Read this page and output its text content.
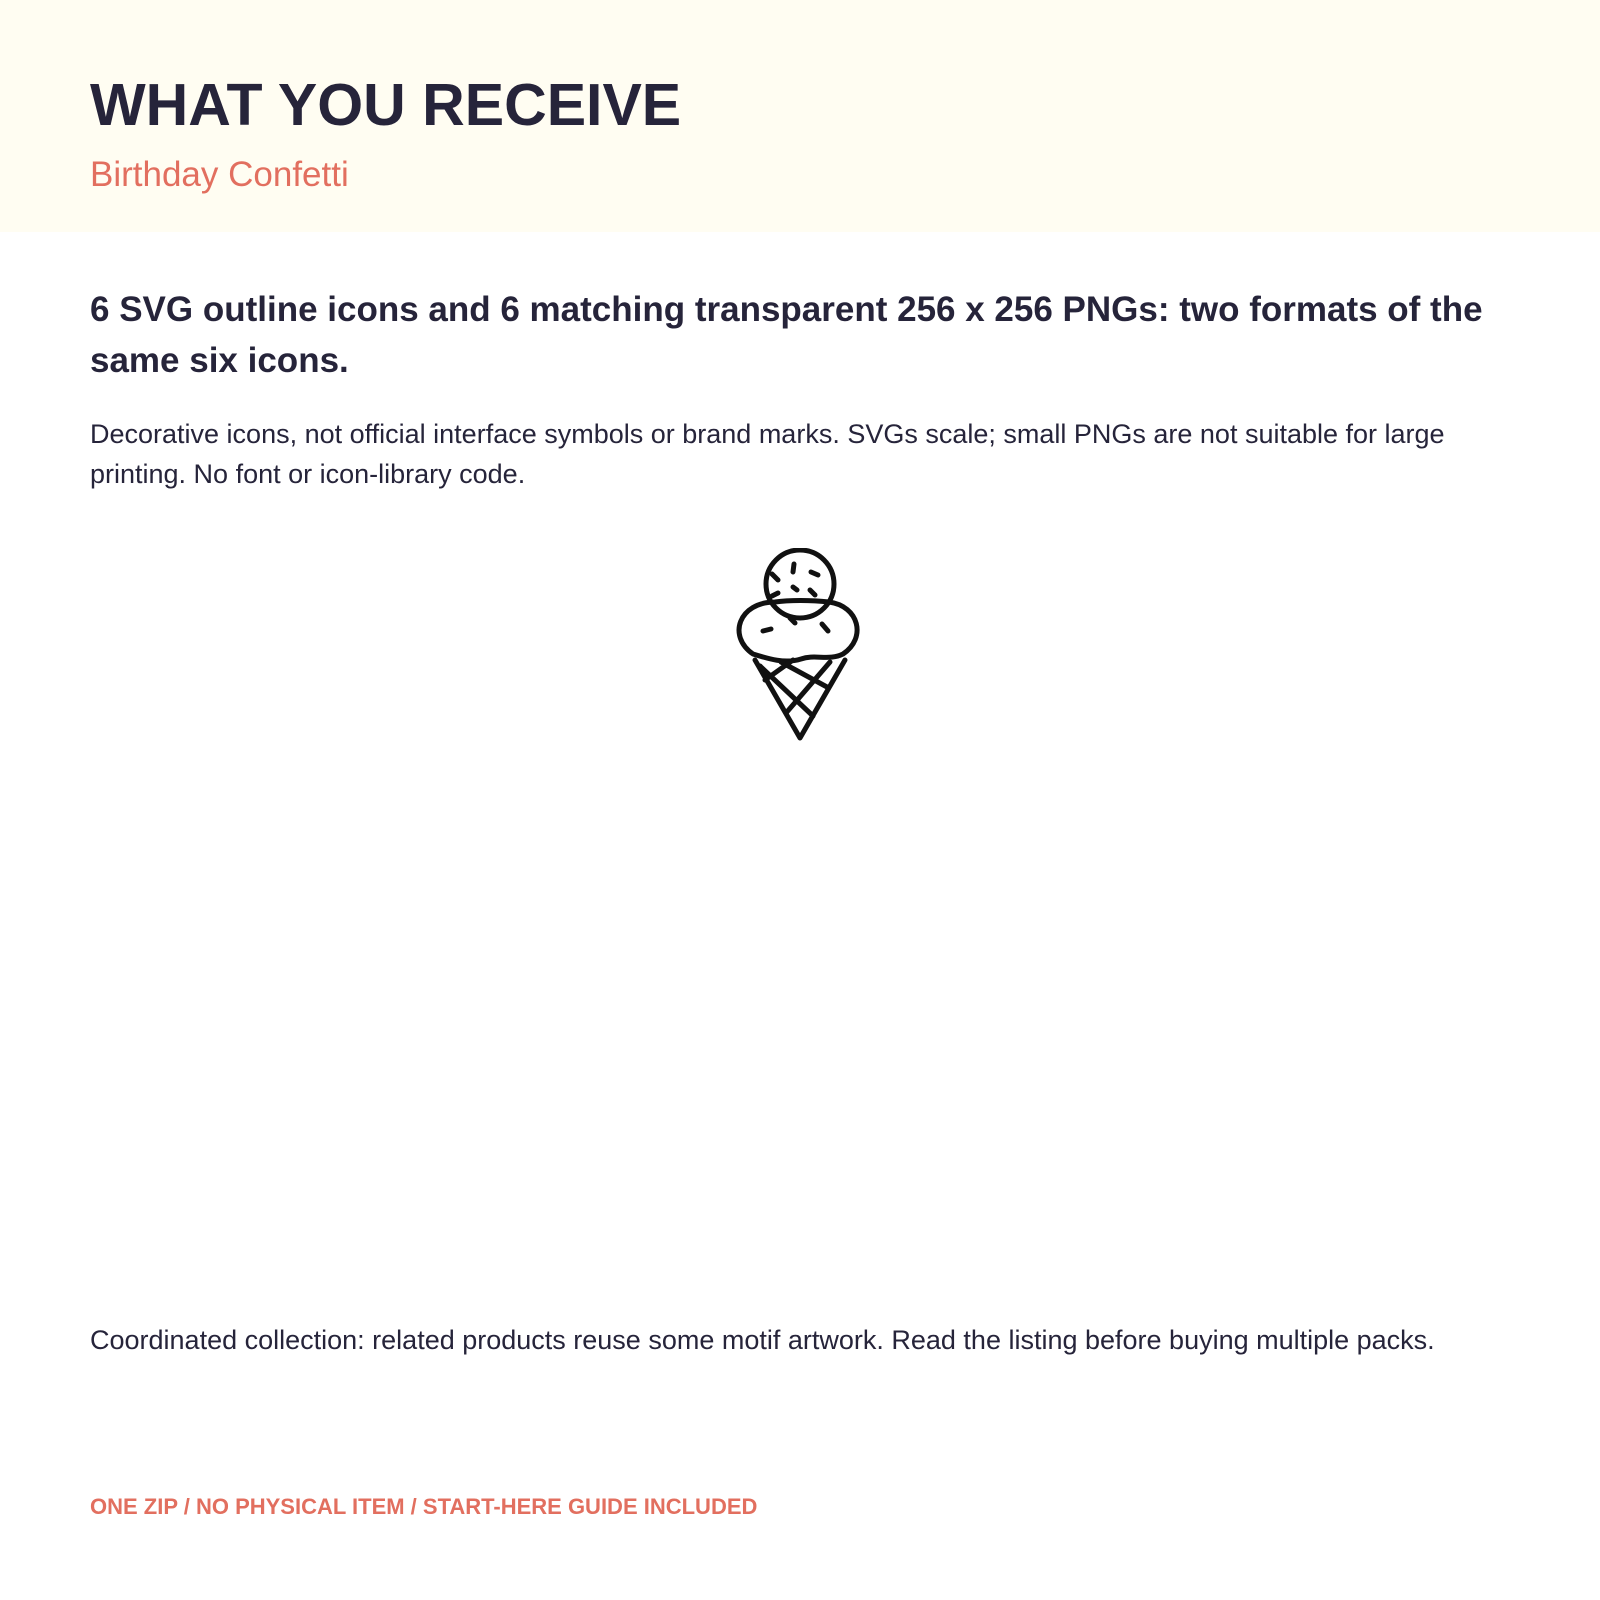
WHAT YOU RECEIVE

Birthday Confetti

6 SVG outline icons and 6 matching transparent 256 x 256 PNGs: two formats of the same six icons.

Decorative icons, not official interface symbols or brand marks. SVGs scale; small PNGs are not suitable for large printing. No font or icon-library code.

Coordinated collection: related products reuse some motif artwork. Read the listing before buying multiple packs.

ONE ZIP / NO PHYSICAL ITEM / START-HERE GUIDE INCLUDED
